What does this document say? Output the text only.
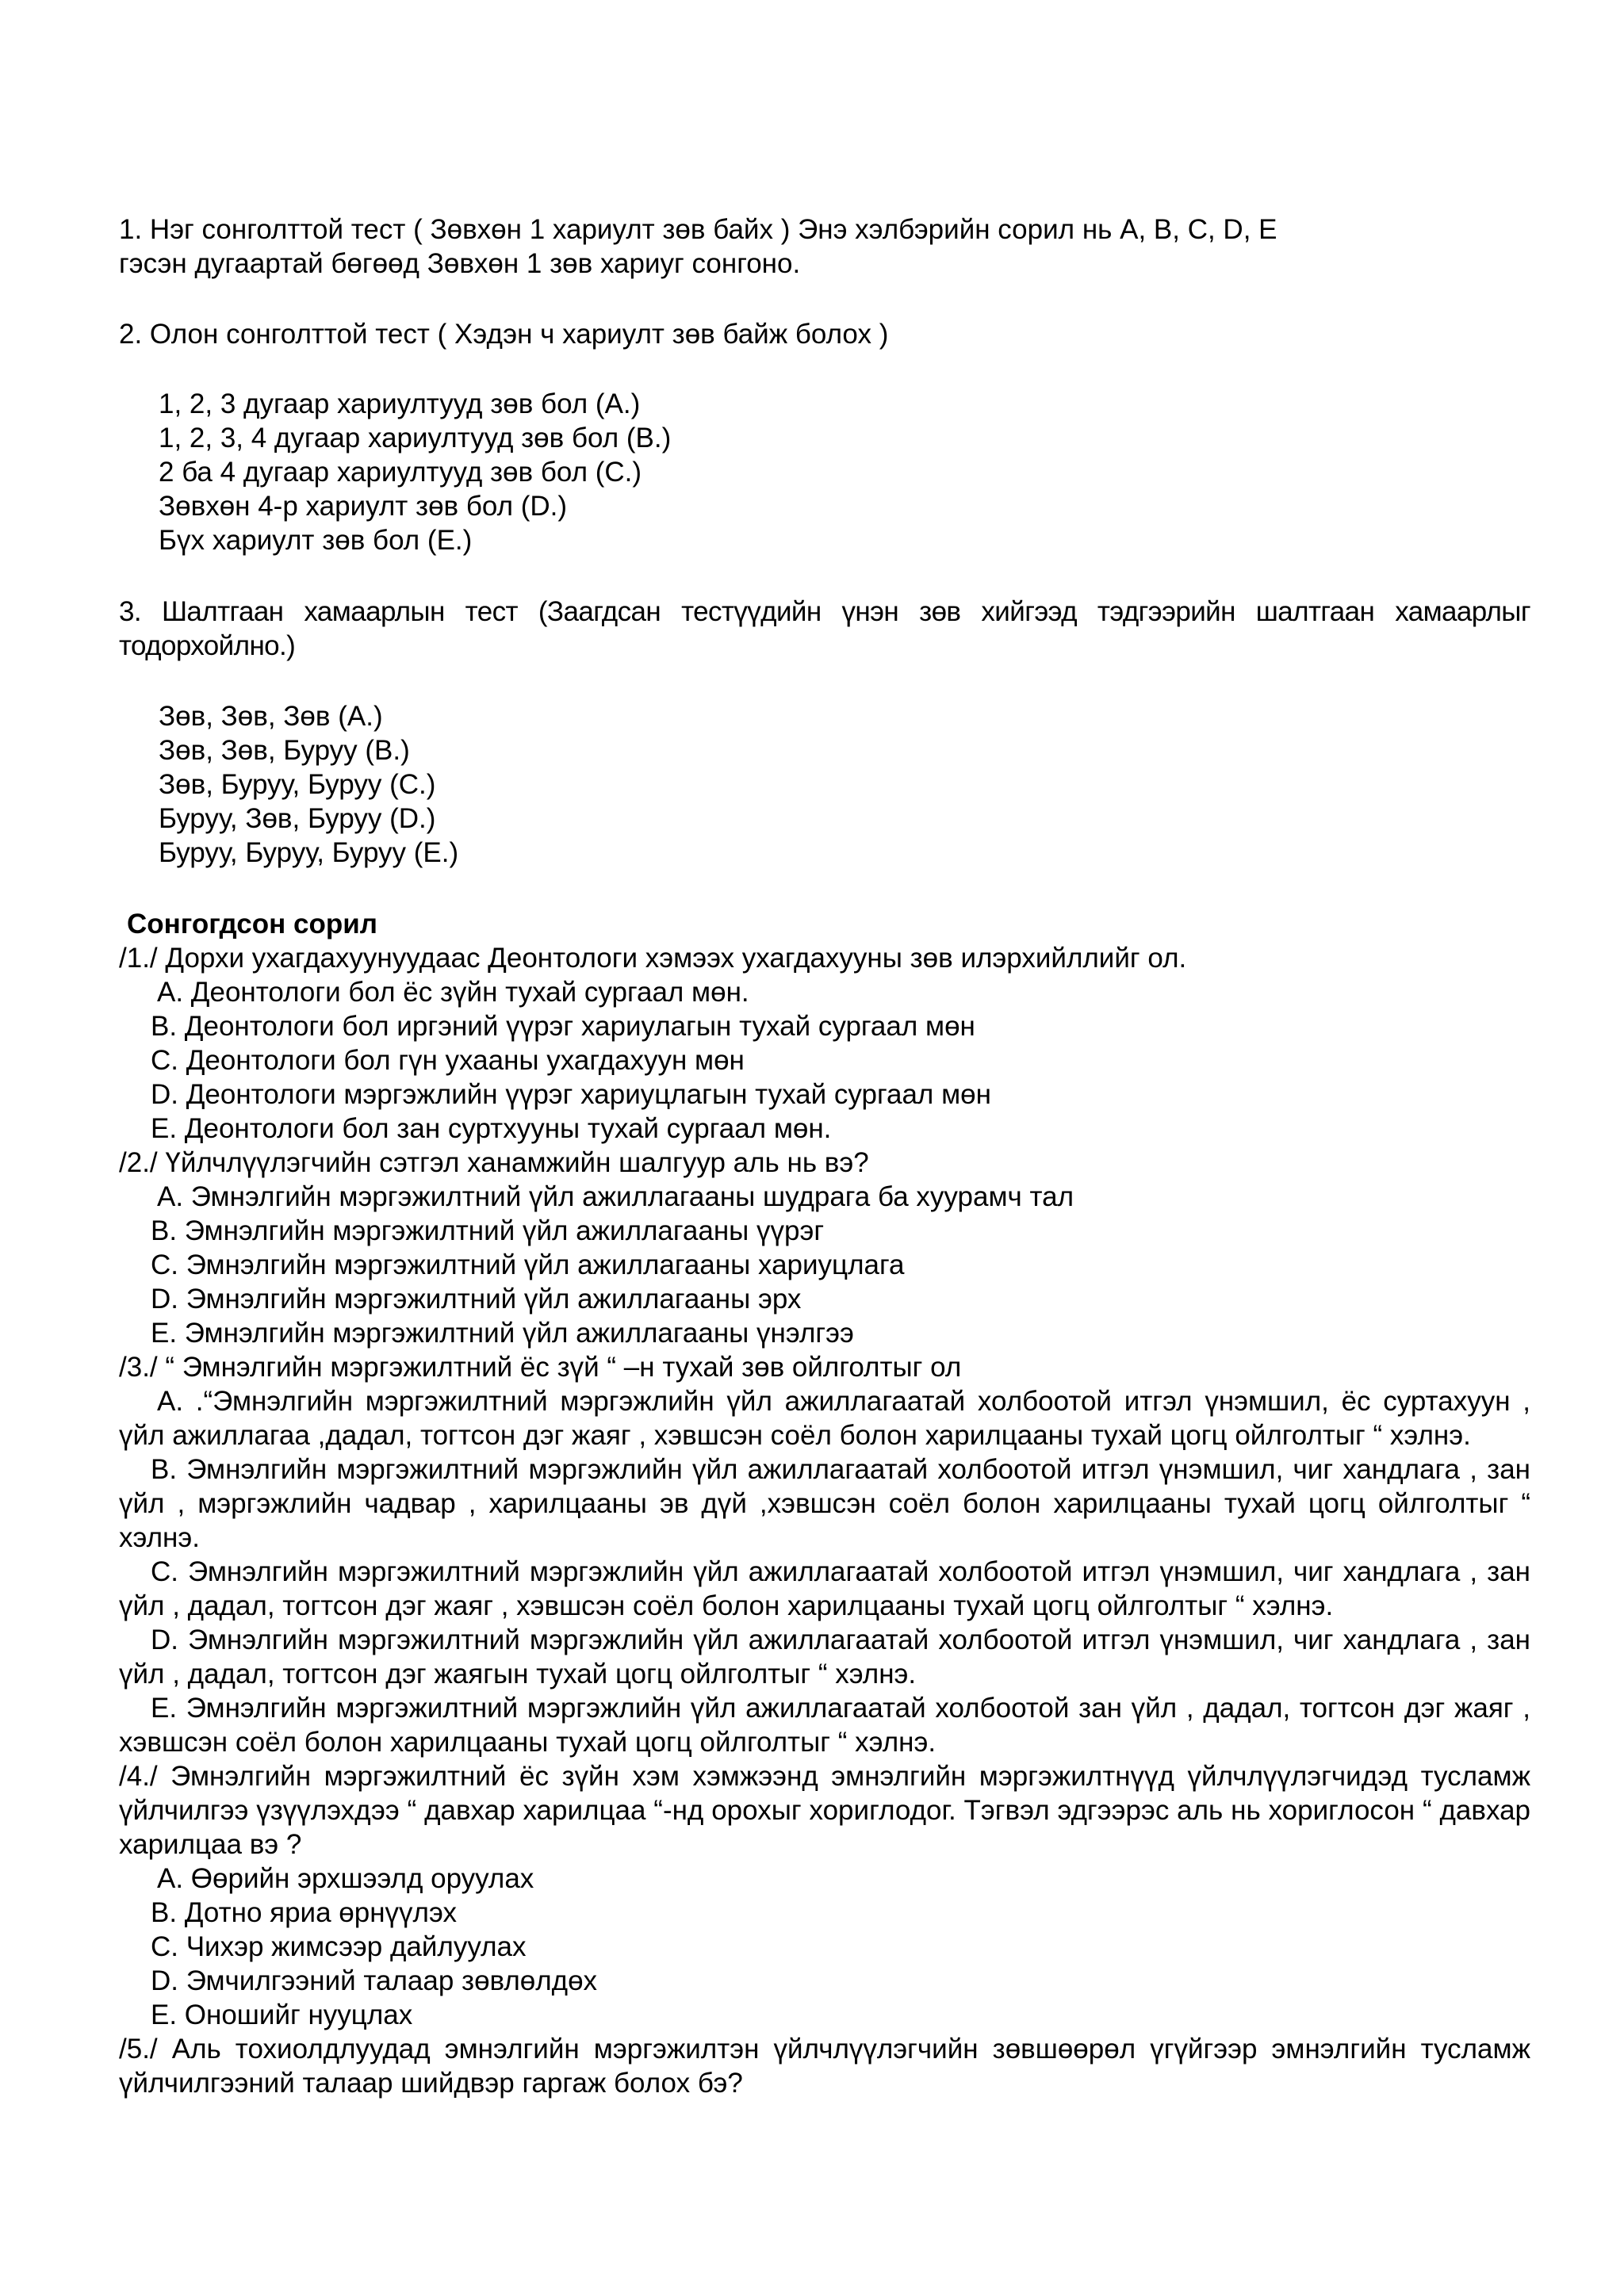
1. Нэг сонголттой тест ( Зөвхөн 1 хариулт зөв байх ) Энэ хэлбэрийн сорил нь A, B, C, D, E

гэсэн дугаартай бөгөөд Зөвхөн 1 зөв хариуг сонгоно.

2. Олон сонголттой тест ( Хэдэн ч хариулт зөв байж болох )
1, 2, 3 дугаар хариултууд зөв бол (A.)
1, 2, 3, 4 дугаар хариултууд зөв бол (B.)
2 ба 4 дугаар хариултууд зөв бол (C.)
Зөвхөн 4-р хариулт зөв бол (D.)
Бүх хариулт зөв бол (E.)
3. Шалтгаан хамаарлын тест (Заагдсан тестүүдийн үнэн зөв хийгээд тэдгээрийн шалтгаан хамаарлыг тодорхойлно.)
Зөв, Зөв, Зөв (A.)
Зөв, Зөв, Буруу (B.)
Зөв, Буруу, Буруу (C.)
Буруу, Зөв, Буруу (D.)
Буруу, Буруу, Буруу (E.)
Сонгогдсон сорил

/1./ Дорхи ухагдахуунуудаас Деонтологи хэмээх ухагдахууны зөв илэрхийллийг ол.

A. Деонтологи бол ёс зүйн тухай сургаал мөн.

B. Деонтологи бол иргэний үүрэг хариулагын тухай сургаал мөн

C. Деонтологи бол гүн ухааны ухагдахуун мөн

D. Деонтологи мэргэжлийн үүрэг хариуцлагын тухай сургаал мөн

E. Деонтологи бол зан суртхууны тухай сургаал мөн.

/2./ Үйлчлүүлэгчийн сэтгэл ханамжийн шалгуур аль нь вэ?

A. Эмнэлгийн мэргэжилтний үйл ажиллагааны шудрага ба хуурамч тал

B. Эмнэлгийн мэргэжилтний үйл ажиллагааны үүрэг

C. Эмнэлгийн мэргэжилтний үйл ажиллагааны хариуцлага

D. Эмнэлгийн мэргэжилтний үйл ажиллагааны эрх

E. Эмнэлгийн мэргэжилтний үйл ажиллагааны үнэлгээ

/3./ “ Эмнэлгийн мэргэжилтний ёс зүй “ –н тухай зөв ойлголтыг ол

A. .“Эмнэлгийн мэргэжилтний мэргэжлийн үйл ажиллагаатай холбоотой итгэл үнэмшил, ёс суртахуун , үйл ажиллагаа ,дадал, тогтсон дэг жаяг , хэвшсэн соёл болон харилцааны тухай цогц ойлголтыг “ хэлнэ.

B. Эмнэлгийн мэргэжилтний мэргэжлийн үйл ажиллагаатай холбоотой итгэл үнэмшил, чиг хандлага , зан үйл , мэргэжлийн чадвар , харилцааны эв дүй ,хэвшсэн соёл болон харилцааны тухай цогц ойлголтыг “ хэлнэ.

C. Эмнэлгийн мэргэжилтний мэргэжлийн үйл ажиллагаатай холбоотой итгэл үнэмшил, чиг хандлага , зан үйл , дадал, тогтсон дэг жаяг , хэвшсэн соёл болон харилцааны тухай цогц ойлголтыг “ хэлнэ.

D. Эмнэлгийн мэргэжилтний мэргэжлийн үйл ажиллагаатай холбоотой итгэл үнэмшил, чиг хандлага , зан үйл , дадал, тогтсон дэг жаягын тухай цогц ойлголтыг “ хэлнэ.

E. Эмнэлгийн мэргэжилтний мэргэжлийн үйл ажиллагаатай холбоотой зан үйл , дадал, тогтсон дэг жаяг , хэвшсэн соёл болон харилцааны тухай цогц ойлголтыг “ хэлнэ.

/4./ Эмнэлгийн мэргэжилтний ёс зүйн хэм хэмжээнд эмнэлгийн мэргэжилтнүүд үйлчлүүлэгчидэд тусламж үйлчилгээ үзүүлэхдээ “ давхар харилцаа “-нд орохыг хориглодог. Тэгвэл эдгээрэс аль нь хориглосон “ давхар харилцаа вэ ?

A. Өөрийн эрхшээлд оруулах

B. Дотно яриа өрнүүлэх

C. Чихэр жимсээр дайлуулах

D. Эмчилгээний талаар зөвлөлдөх

E. Оношийг нууцлах

/5./ Аль тохиолдлуудад эмнэлгийн мэргэжилтэн үйлчлүүлэгчийн зөвшөөрөл үгүйгээр эмнэлгийн тусламж үйлчилгээний талаар шийдвэр гаргаж болох бэ?
